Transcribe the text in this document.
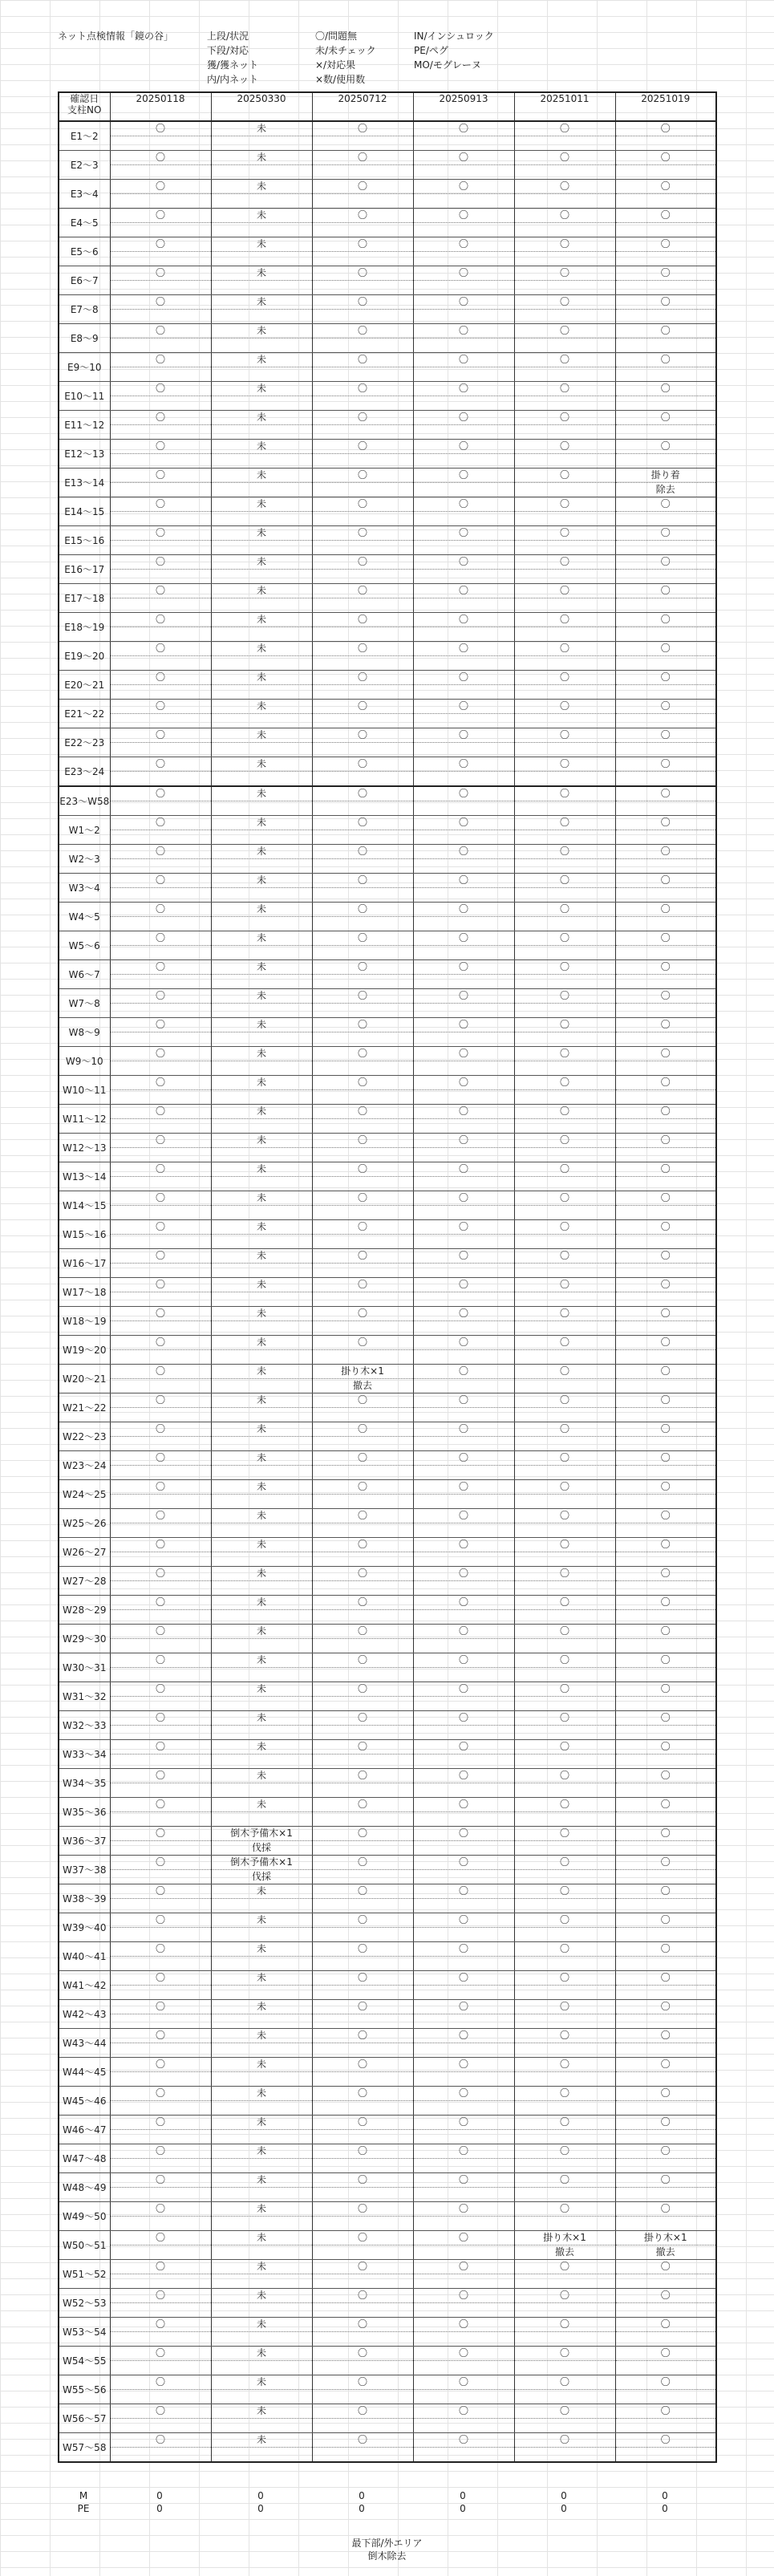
ネット点検情報「鏡の谷」	上段/状況
下段/対応
獲/獲ネット
内/内ネット
〇/問題無
未/未チェック
×/対応果
×数/使用数
IN/インシュロック
PE/ペグ
MO/モグレーヌ
確認日
支柱NO	20250118	20250330	20250712	20250913	20251011	20251019
E1～2	〇	未	〇	〇	〇	〇

E2～3	〇	未	〇	〇	〇	〇

E3～4	〇	未	〇	〇	〇	〇

E4～5	〇	未	〇	〇	〇	〇

E5～6	〇	未	〇	〇	〇	〇

E6～7	〇	未	〇	〇	〇	〇

E7～8	〇	未	〇	〇	〇	〇

E8～9	〇	未	〇	〇	〇	〇

E9～10	〇	未	〇	〇	〇	〇

E10～11	〇	未	〇	〇	〇	〇

E11～12	〇	未	〇	〇	〇	〇

E12～13	〇	未	〇	〇	〇	〇

E13～14	〇	未	〇	〇	〇	掛り着
除去

E14～15	〇	未	〇	〇	〇	〇

E15～16	〇	未	〇	〇	〇	〇

E16～17	〇	未	〇	〇	〇	〇

E17～18	〇	未	〇	〇	〇	〇

E18～19	〇	未	〇	〇	〇	〇

E19～20	〇	未	〇	〇	〇	〇

E20～21	〇	未	〇	〇	〇	〇

E21～22	〇	未	〇	〇	〇	〇

E22～23	〇	未	〇	〇	〇	〇

E23～24	〇	未	〇	〇	〇	〇

E23～W58	〇	未	〇	〇	〇	〇

W1～2	〇	未	〇	〇	〇	〇

W2～3	〇	未	〇	〇	〇	〇

W3～4	〇	未	〇	〇	〇	〇

W4～5	〇	未	〇	〇	〇	〇

W5～6	〇	未	〇	〇	〇	〇

W6～7	〇	未	〇	〇	〇	〇

W7～8	〇	未	〇	〇	〇	〇

W8～9	〇	未	〇	〇	〇	〇

W9～10	〇	未	〇	〇	〇	〇

W10～11	〇	未	〇	〇	〇	〇

W11～12	〇	未	〇	〇	〇	〇

W12～13	〇	未	〇	〇	〇	〇

W13～14	〇	未	〇	〇	〇	〇

W14～15	〇	未	〇	〇	〇	〇

W15～16	〇	未	〇	〇	〇	〇

W16～17	〇	未	〇	〇	〇	〇

W17～18	〇	未	〇	〇	〇	〇

W18～19	〇	未	〇	〇	〇	〇

W19～20	〇	未	〇	〇	〇	〇

W20～21	〇	未	掛り木×1
撤去	〇	〇	〇

W21～22	〇	未	〇	〇	〇	〇

W22～23	〇	未	〇	〇	〇	〇

W23～24	〇	未	〇	〇	〇	〇

W24～25	〇	未	〇	〇	〇	〇

W25～26	〇	未	〇	〇	〇	〇

W26～27	〇	未	〇	〇	〇	〇

W27～28	〇	未	〇	〇	〇	〇

W28～29	〇	未	〇	〇	〇	〇

W29～30	〇	未	〇	〇	〇	〇

W30～31	〇	未	〇	〇	〇	〇

W31～32	〇	未	〇	〇	〇	〇

W32～33	〇	未	〇	〇	〇	〇

W33～34	〇	未	〇	〇	〇	〇

W34～35	〇	未	〇	〇	〇	〇

W35～36	〇	未	〇	〇	〇	〇

W36～37	〇	倒木予備木×1
伐採	〇	〇	〇	〇

W37～38	〇	倒木予備木×1
伐採	〇	〇	〇	〇

W38～39	〇	未	〇	〇	〇	〇

W39～40	〇	未	〇	〇	〇	〇

W40～41	〇	未	〇	〇	〇	〇

W41～42	〇	未	〇	〇	〇	〇

W42～43	〇	未	〇	〇	〇	〇

W43～44	〇	未	〇	〇	〇	〇

W44～45	〇	未	〇	〇	〇	〇

W45～46	〇	未	〇	〇	〇	〇

W46～47	〇	未	〇	〇	〇	〇

W47～48	〇	未	〇	〇	〇	〇

W48～49	〇	未	〇	〇	〇	〇

W49～50	〇	未	〇	〇	〇	〇

W50～51	〇	未	〇	〇	掛り木×1
撤去	掛り木×1
撤去

W51～52	〇	未	〇	〇	〇	〇

W52～53	〇	未	〇	〇	〇	〇

W53～54	〇	未	〇	〇	〇	〇

W54～55	〇	未	〇	〇	〇	〇

W55～56	〇	未	〇	〇	〇	〇

W56～57	〇	未	〇	〇	〇	〇

W57～58	〇	未	〇	〇	〇	〇
M	0	0	0	0	0	0
PE	0	0	0	0	0	0
最下部/外エリア
倒木除去
